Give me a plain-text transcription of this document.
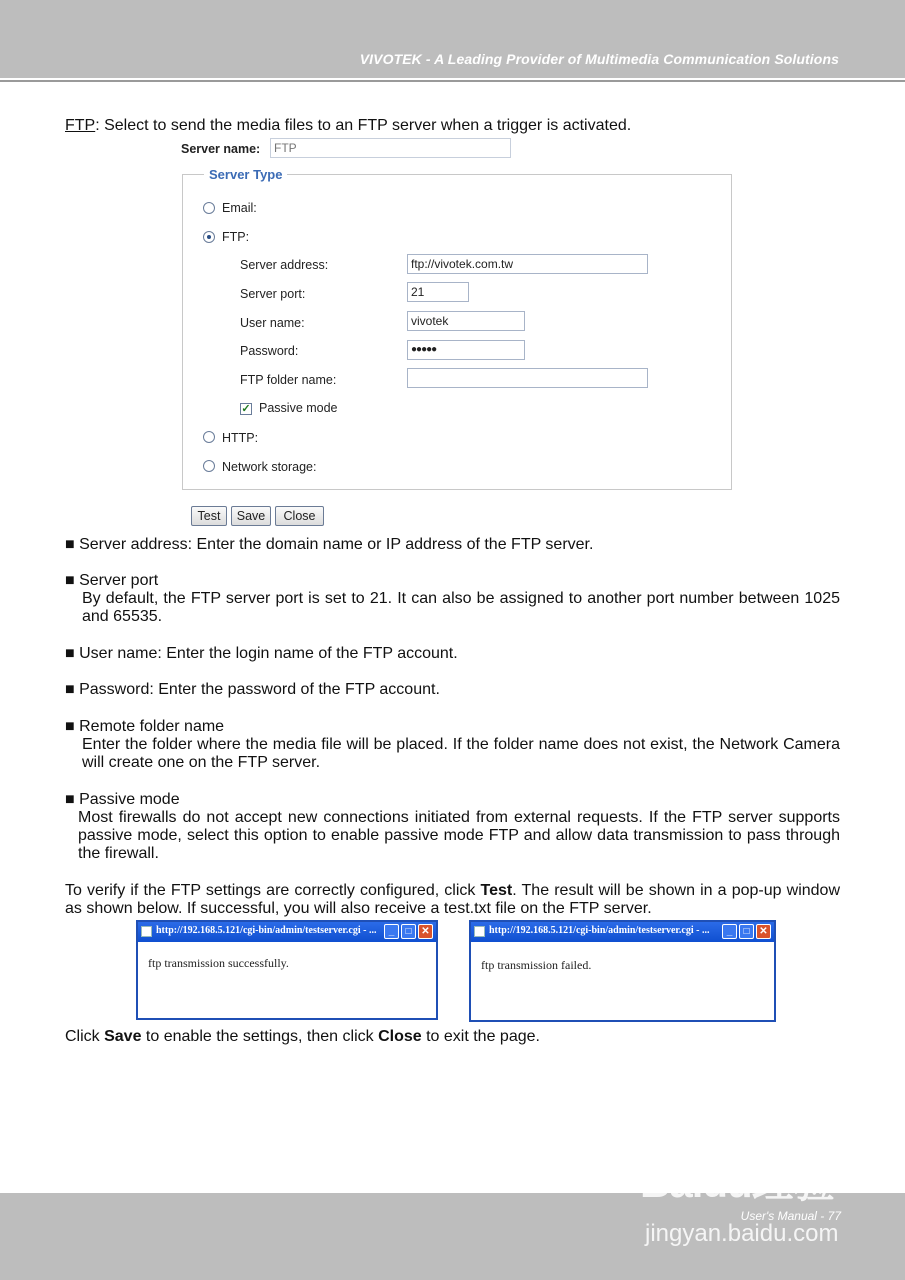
VIVOTEK - A Leading Provider of Multimedia Communication Solutions
FTP: Select to send the media files to an FTP server when a trigger is activated.
Server name:
FTP
Server Type
Email:
FTP:
Server address:	ftp://vivotek.com.tw
Server port:	21
User name:	vivotek
Password:	●●●●●
FTP folder name:
✓ Passive mode
HTTP:
Network storage:
Test	Save	Close
■ Server address: Enter the domain name or IP address of the FTP server.
■ Server port
By default, the FTP server port is set to 21. It can also be assigned to another port number between 1025 and 65535.
■ User name: Enter the login name of the FTP account.
■ Password: Enter the password of the FTP account.
■ Remote folder name
Enter the folder where the media file will be placed. If the folder name does not exist, the Network Camera will create one on the FTP server.
■ Passive mode
Most firewalls do not accept new connections initiated from external requests. If the FTP server supports passive mode, select this option to enable passive mode FTP and allow data transmission to pass through the firewall.
To verify if the FTP settings are correctly configured, click Test. The result will be shown in a pop-up window as shown below. If successful, you will also receive a test.txt file on the FTP server.
http://192.168.5.121/cgi-bin/admin/testserver.cgi - ...	_	□ ✕
ftp transmission successfully.
http://192.168.5.121/cgi-bin/admin/testserver.cgi - ...	_	□ ✕
ftp transmission failed.
Click Save to enable the settings, then click Close to exit the page.
User's Manual - 77
Baidu经验
jingyan.baidu.com
